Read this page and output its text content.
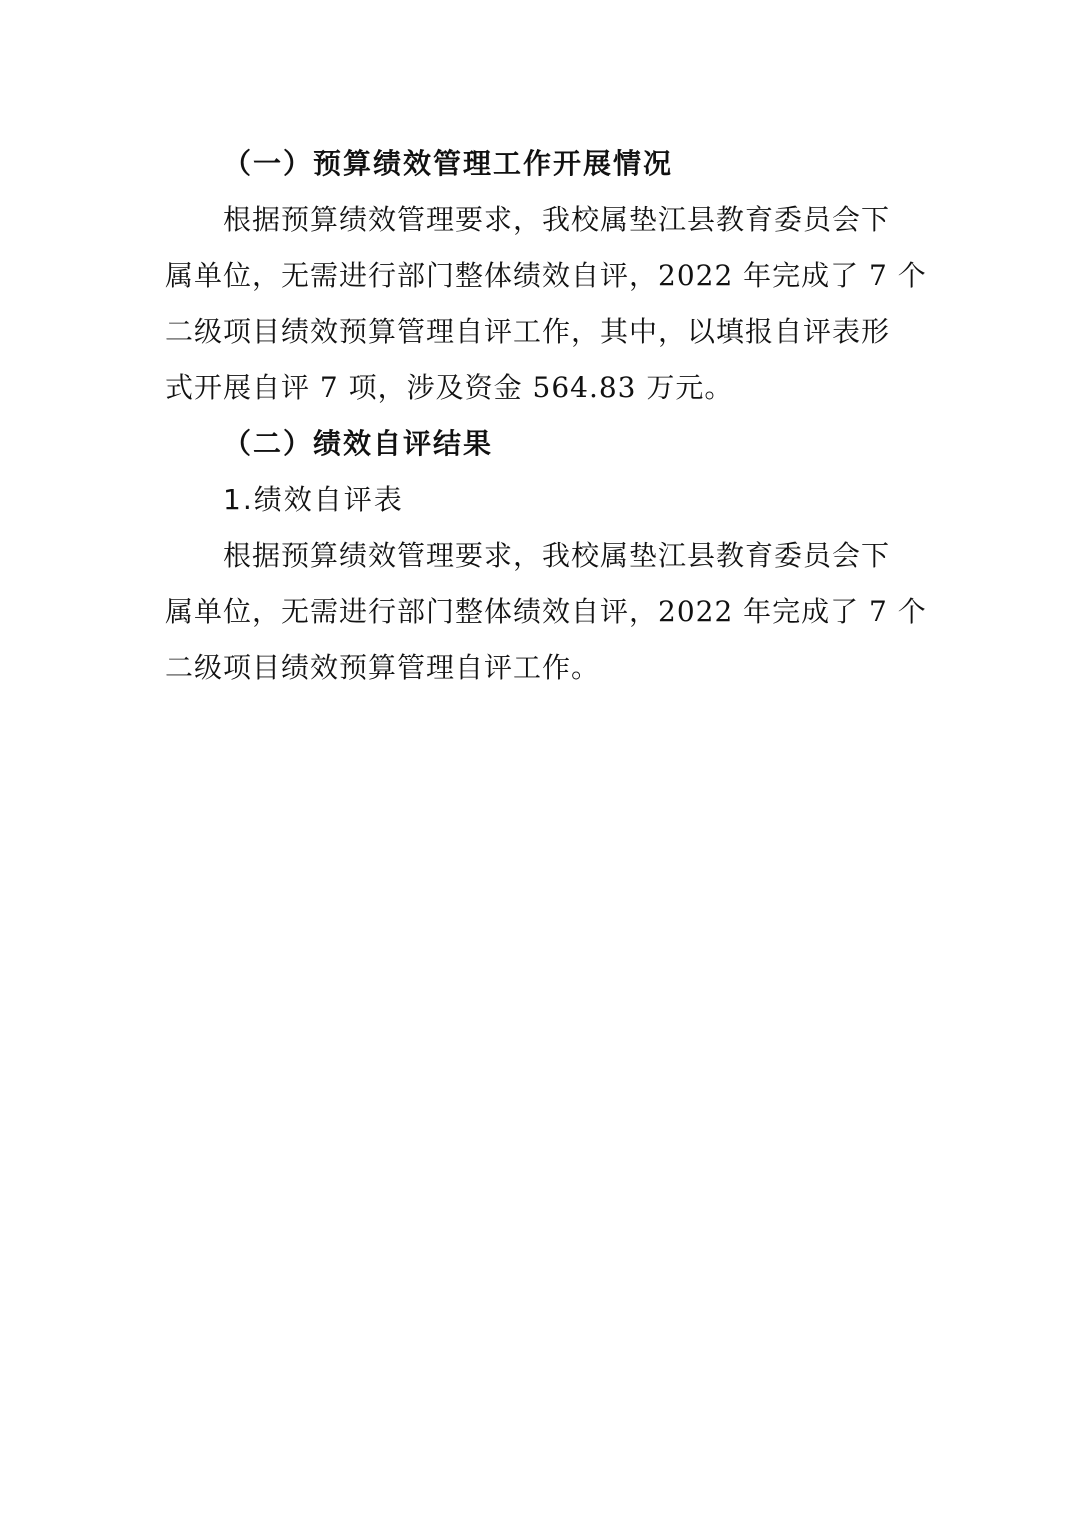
（一）预算绩效管理工作开展情况
根据预算绩效管理要求，我校属垫江县教育委员会下
属单位，无需进行部门整体绩效自评，2022 年完成了 7 个
二级项目绩效预算管理自评工作，其中，以填报自评表形
式开展自评 7 项，涉及资金 564.83 万元。
（二）绩效自评结果
1.绩效自评表
根据预算绩效管理要求，我校属垫江县教育委员会下
属单位，无需进行部门整体绩效自评，2022 年完成了 7 个
二级项目绩效预算管理自评工作。
